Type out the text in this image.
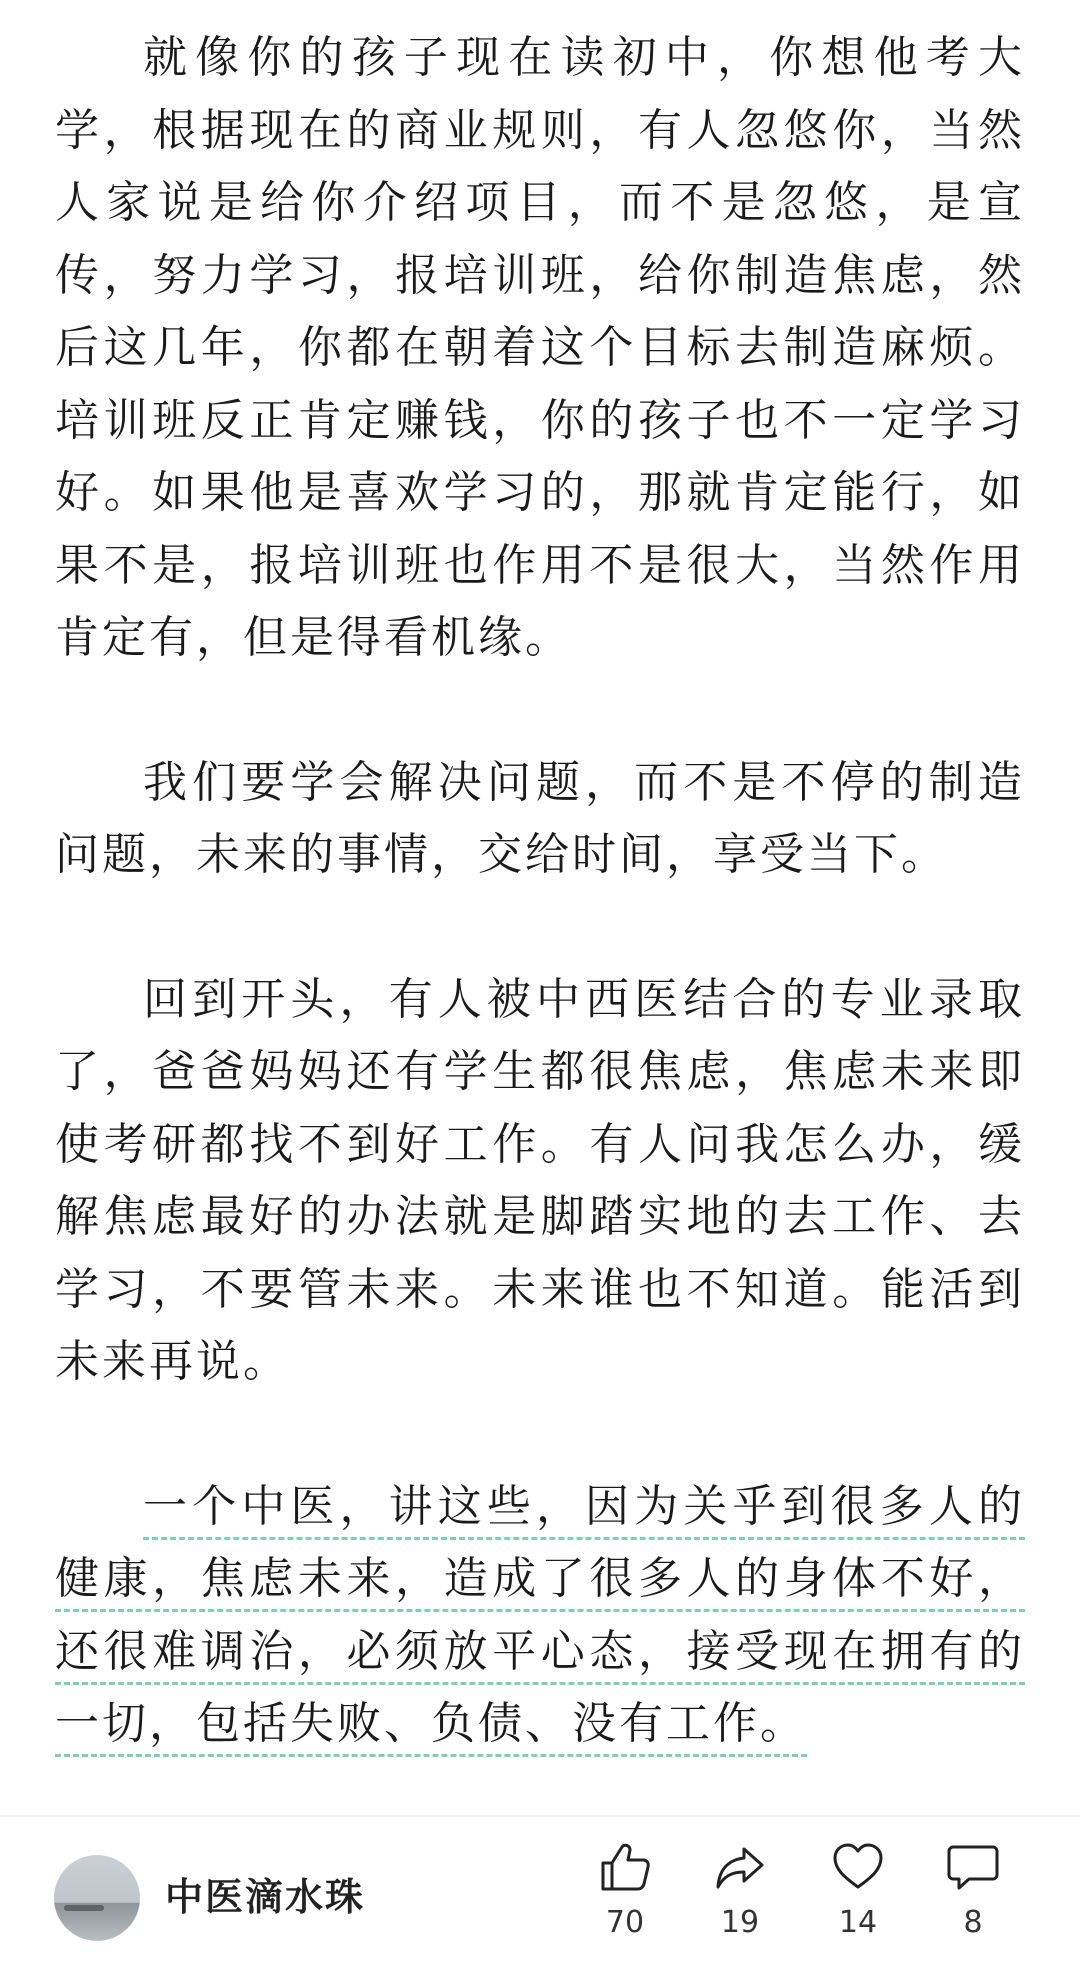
就像你的孩子现在读初中，你想他考大学，根据现在的商业规则，有人忽悠你，当然人家说是给你介绍项目，而不是忽悠，是宣传，努力学习，报培训班，给你制造焦虑，然后这几年，你都在朝着这个目标去制造麻烦。培训班反正肯定赚钱，你的孩子也不一定学习好。如果他是喜欢学习的，那就肯定能行，如果不是，报培训班也作用不是很大，当然作用肯定有，但是得看机缘。

我们要学会解决问题，而不是不停的制造问题，未来的事情，交给时间，享受当下。

回到开头，有人被中西医结合的专业录取了，爸爸妈妈还有学生都很焦虑，焦虑未来即使考研都找不到好工作。有人问我怎么办，缓解焦虑最好的办法就是脚踏实地的去工作、去学习，不要管未来。未来谁也不知道。能活到未来再说。

一个中医，讲这些，因为关乎到很多人的健康，焦虑未来，造成了很多人的身体不好，还很难调治，必须放平心态，接受现在拥有的一切，包括失败、负债、没有工作。

中医滴水珠
70	19	14	8
